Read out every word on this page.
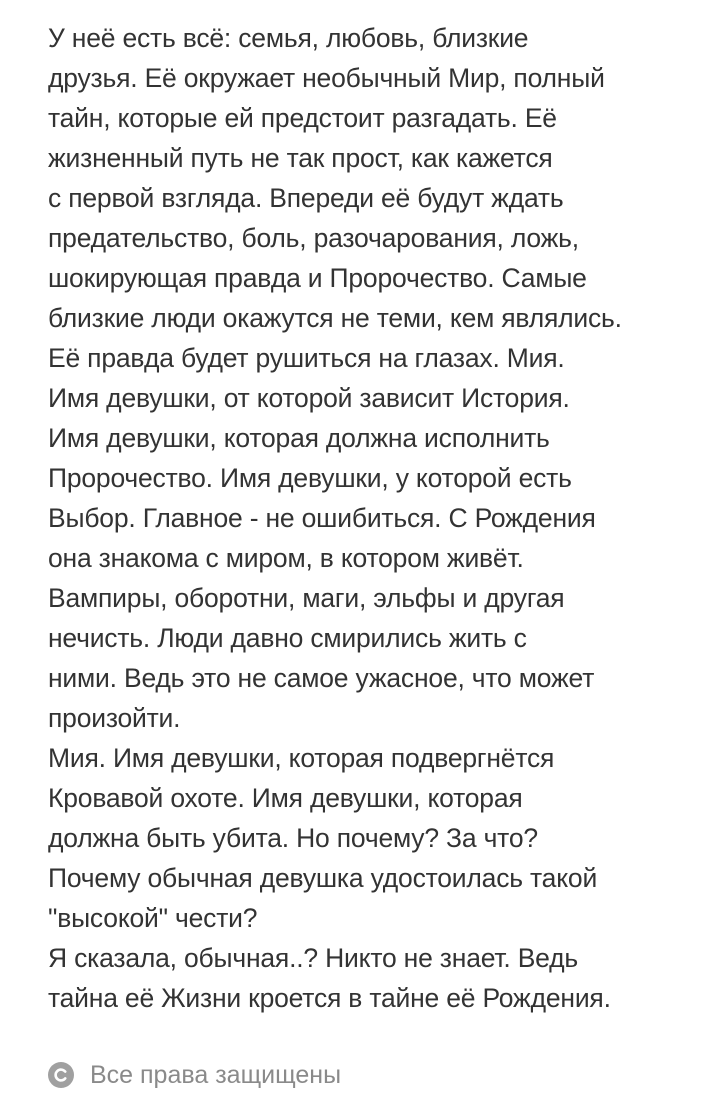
У неё есть всё: семья, любовь, близкие
друзья. Её окружает необычный Мир, полный
тайн, которые ей предстоит разгадать. Её
жизненный путь не так прост, как кажется
с первой взгляда. Впереди её будут ждать
предательство, боль, разочарования, ложь,
шокирующая правда и Пророчество. Самые
близкие люди окажутся не теми, кем являлись.
Её правда будет рушиться на глазах. Мия.
Имя девушки, от которой зависит История.
Имя девушки, которая должна исполнить
Пророчество. Имя девушки, у которой есть
Выбор. Главное - не ошибиться. С Рождения
она знакома с миром, в котором живёт.
Вампиры, оборотни, маги, эльфы и другая
нечисть. Люди давно смирились жить с
ними. Ведь это не самое ужасное, что может
произойти.
Мия. Имя девушки, которая подвергнётся
Кровавой охоте. Имя девушки, которая
должна быть убита. Но почему? За что?
Почему обычная девушка удостоилась такой
"высокой" чести?
Я сказала, обычная..? Никто не знает. Ведь
тайна её Жизни кроется в тайне её Рождения.
Все права защищены
